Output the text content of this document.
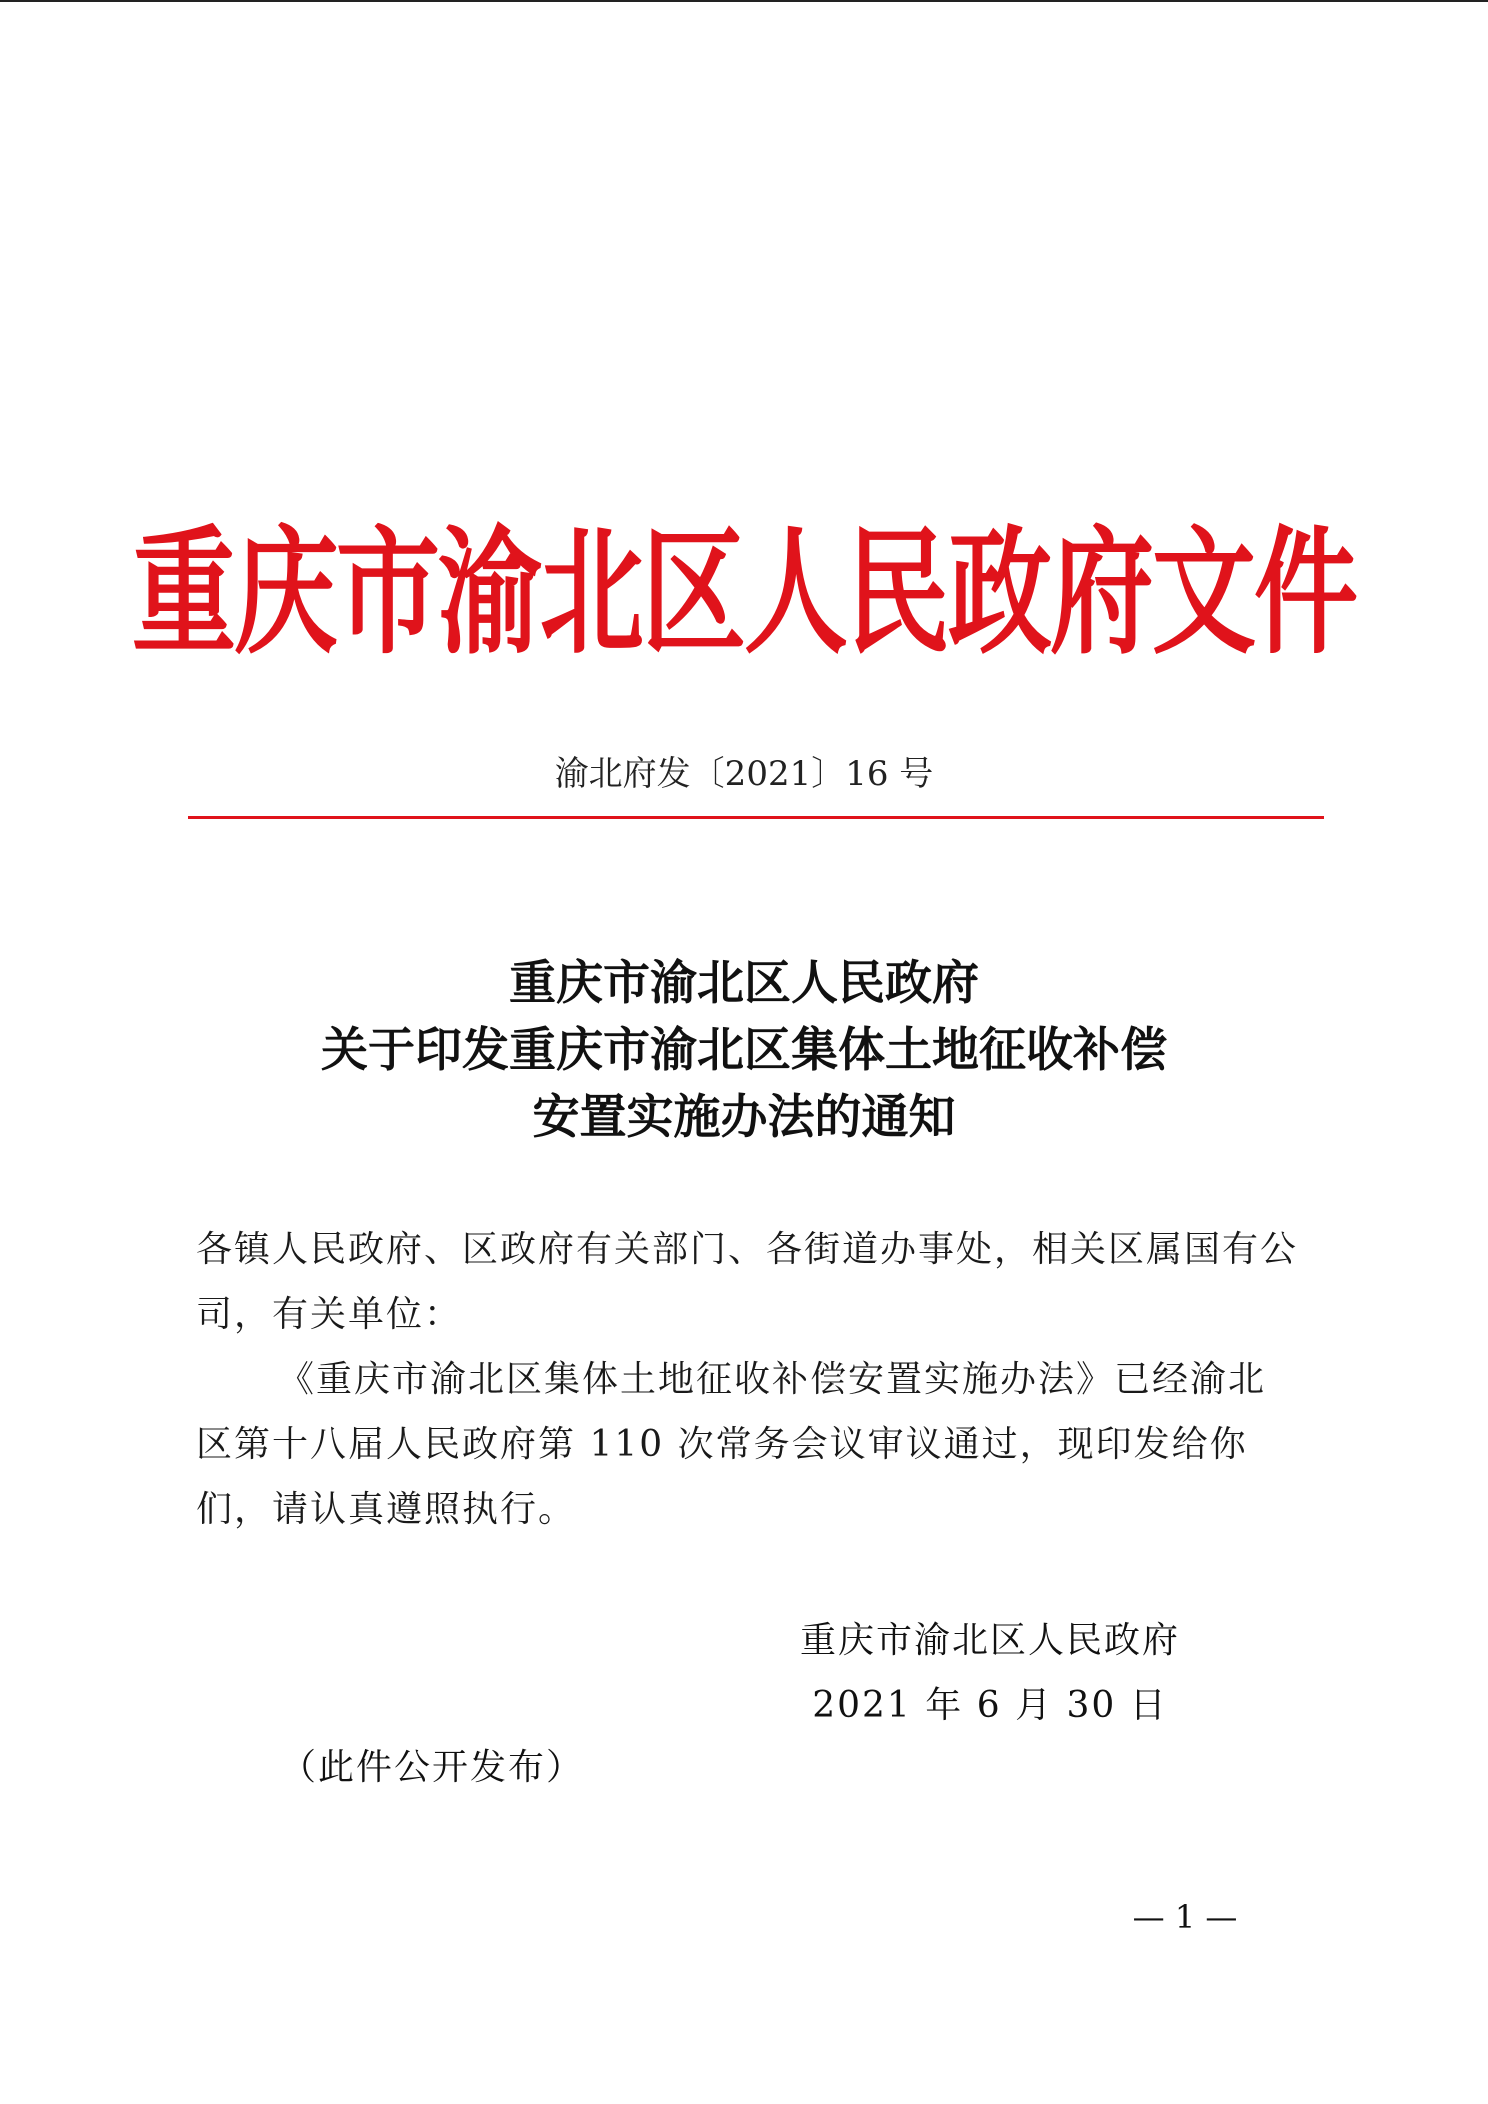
重庆市渝北区人民政府文件
渝北府发〔2021〕16 号
重庆市渝北区人民政府
关于印发重庆市渝北区集体土地征收补偿
安置实施办法的通知
各镇人民政府、区政府有关部门、各街道办事处，相关区属国有公司，有关单位：
《重庆市渝北区集体土地征收补偿安置实施办法》已经渝北区第十八届人民政府第 110 次常务会议审议通过，现印发给你们，请认真遵照执行。
重庆市渝北区人民政府
2021 年 6 月 30 日
（此件公开发布）
— 1 —
